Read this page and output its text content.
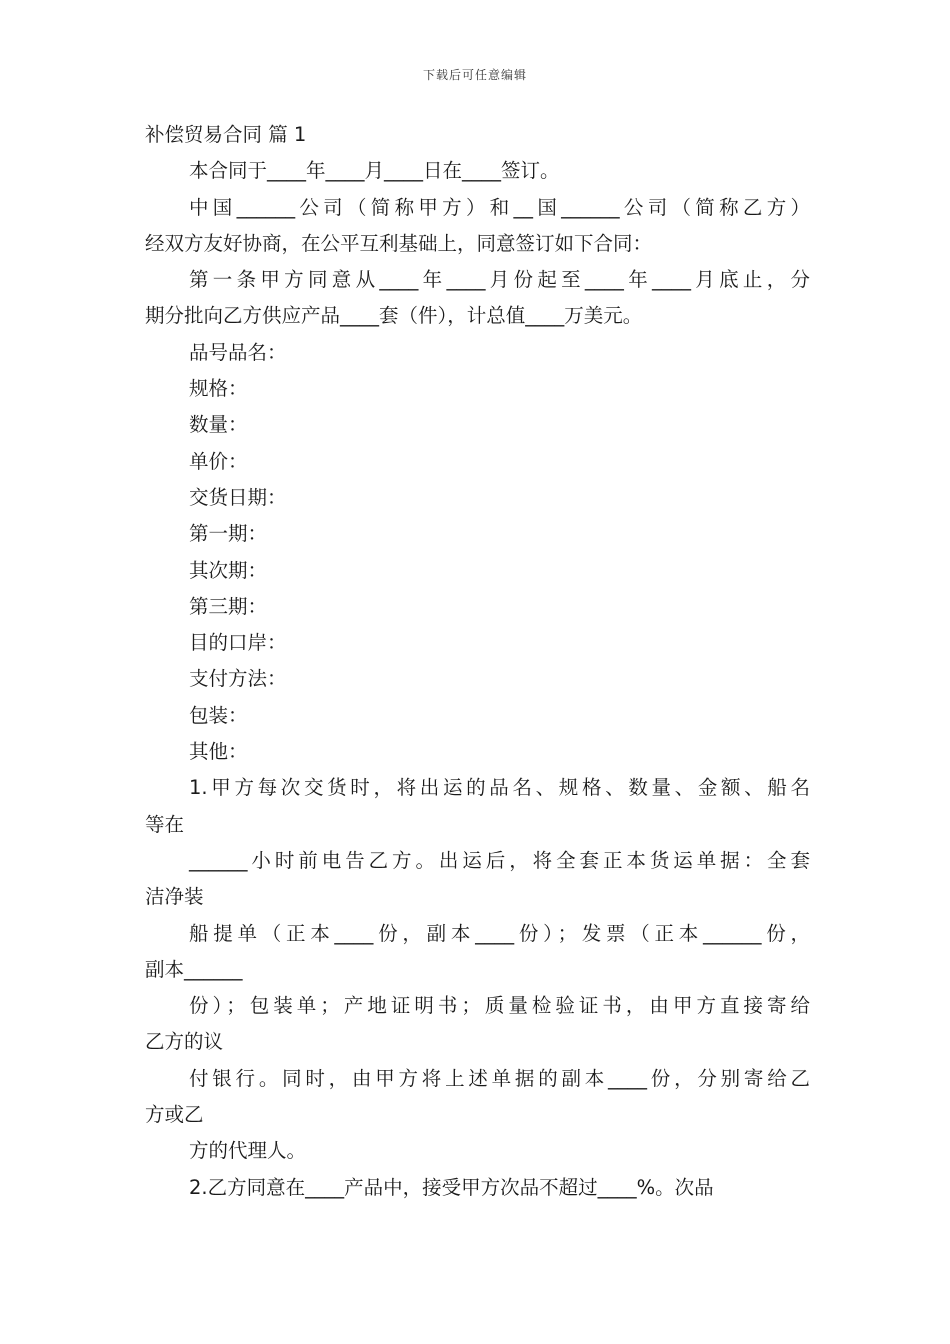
下载后可任意编辑
补偿贸易合同 篇 1
本合同于____年____月____日在____签订。
中国______公司（简称甲方）和__国______公司（简称乙方）
经双方友好协商，在公平互利基础上，同意签订如下合同：
第一条甲方同意从____年____月份起至____年____月底止，分
期分批向乙方供应产品____套（件），计总值____万美元。
品号品名：
规格：
数量：
单价：
交货日期：
第一期：
其次期：
第三期：
目的口岸：
支付方法：
包装：
其他：
1.甲方每次交货时，将出运的品名、规格、数量、金额、船名
等在
______小时前电告乙方。出运后，将全套正本货运单据：全套
洁净装
船提单（正本____份，副本____份）；发票（正本______份，
副本______
份）；包装单；产地证明书；质量检验证书，由甲方直接寄给
乙方的议
付银行。同时，由甲方将上述单据的副本____份，分别寄给乙
方或乙
方的代理人。
2.乙方同意在____产品中，接受甲方次品不超过____%。次品
